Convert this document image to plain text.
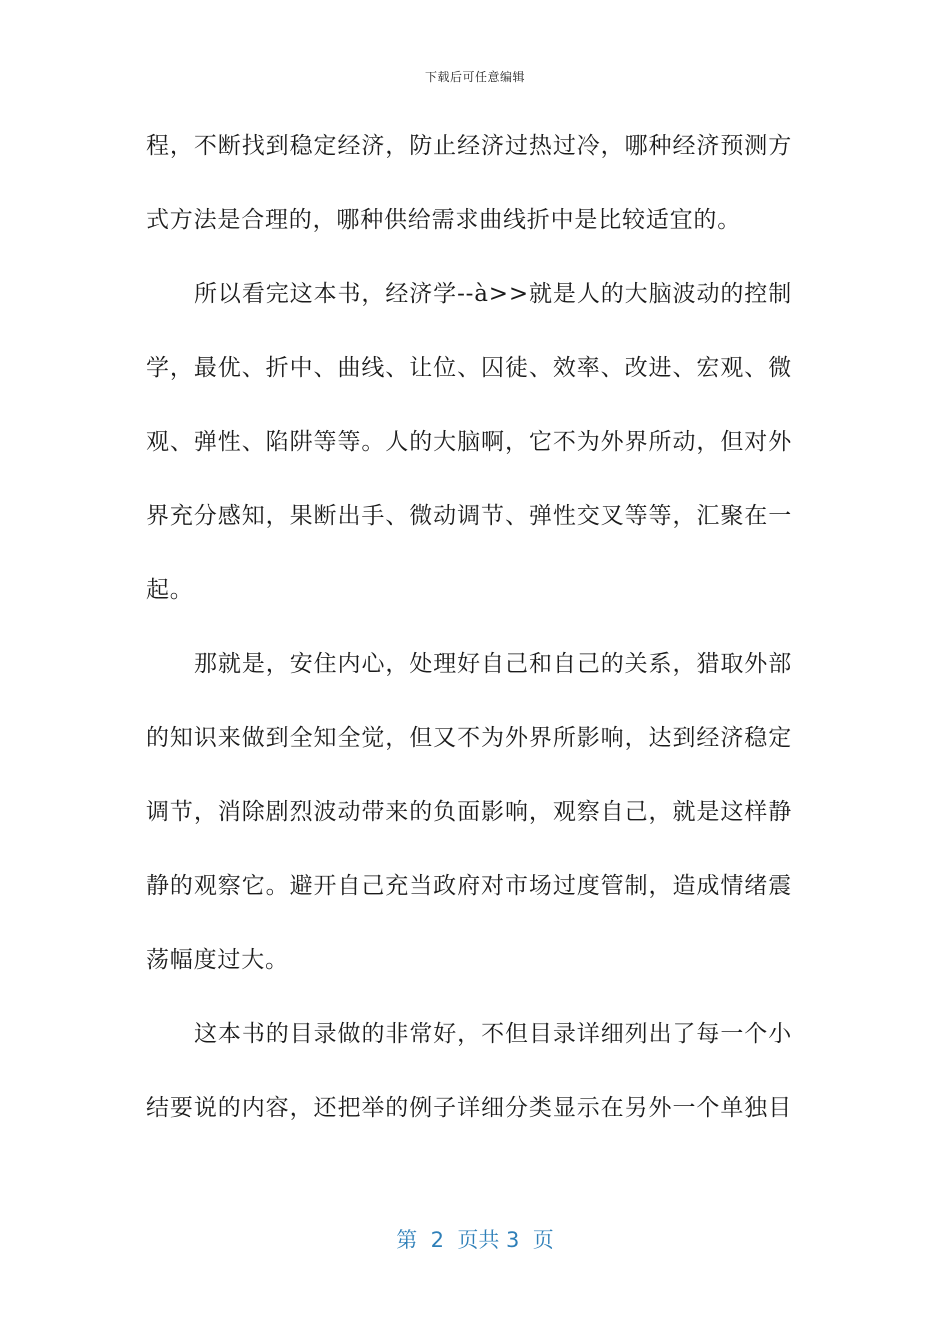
下载后可任意编辑
程，不断找到稳定经济，防止经济过热过冷，哪种经济预测方
式方法是合理的，哪种供给需求曲线折中是比较适宜的。
所以看完这本书，经济学--à>>就是人的大脑波动的控制
学，最优、折中、曲线、让位、囚徒、效率、改进、宏观、微
观、弹性、陷阱等等。人的大脑啊，它不为外界所动，但对外
界充分感知，果断出手、微动调节、弹性交叉等等，汇聚在一
起。
那就是，安住内心，处理好自己和自己的关系，猎取外部
的知识来做到全知全觉，但又不为外界所影响，达到经济稳定
调节，消除剧烈波动带来的负面影响，观察自己，就是这样静
静的观察它。避开自己充当政府对市场过度管制，造成情绪震
荡幅度过大。
这本书的目录做的非常好，不但目录详细列出了每一个小
结要说的内容，还把举的例子详细分类显示在另外一个单独目
第  2  页共 3  页
